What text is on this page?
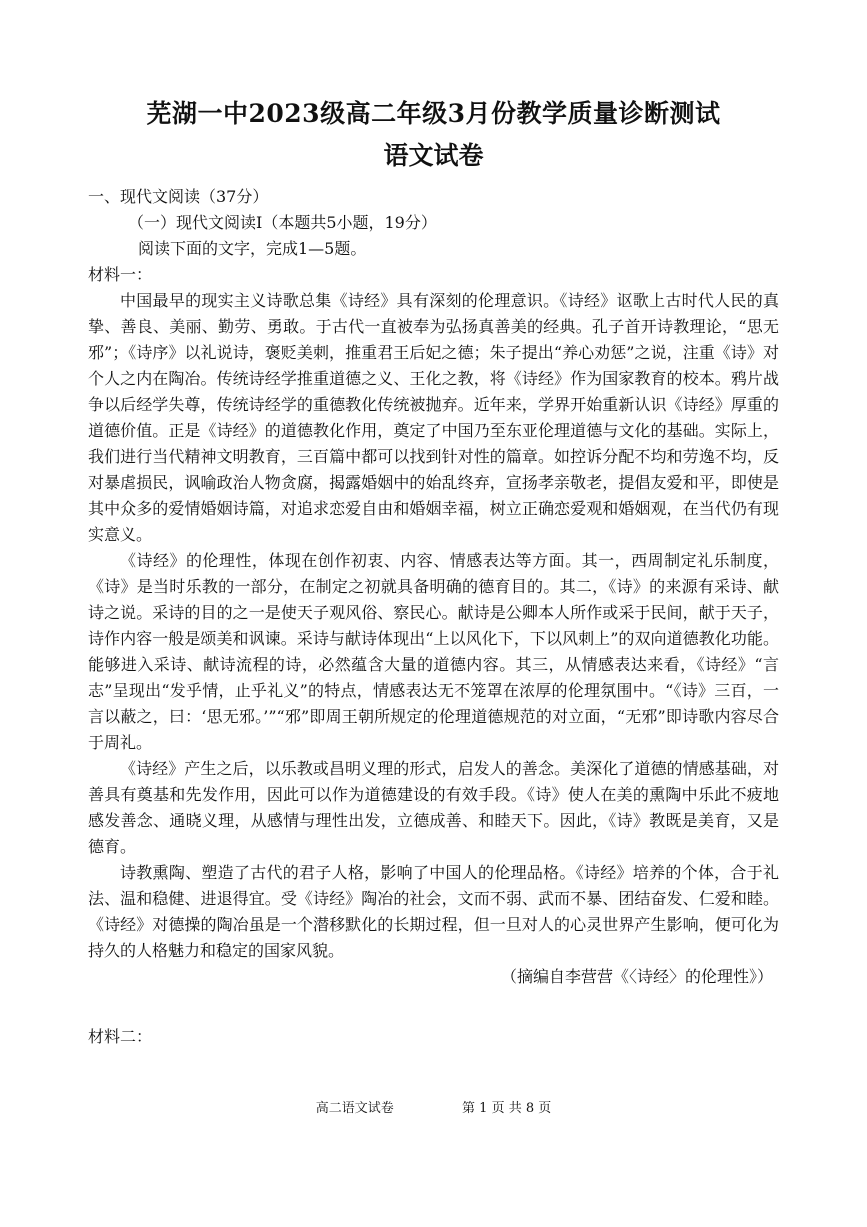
芜湖一中2023级高二年级3月份教学质量诊断测试
语文试卷

一、现代文阅读（37分）

（一）现代文阅读Ⅰ（本题共5小题，19分）

阅读下面的文字，完成1—5题。

材料一：

中国最早的现实主义诗歌总集《诗经》具有深刻的伦理意识。《诗经》讴歌上古时代人民的真挚、善良、美丽、勤劳、勇敢。于古代一直被奉为弘扬真善美的经典。孔子首开诗教理论，“思无邪”；《诗序》以礼说诗，褒贬美刺，推重君王后妃之德；朱子提出“养心劝惩”之说，注重《诗》对个人之内在陶冶。传统诗经学推重道德之义、王化之教，将《诗经》作为国家教育的校本。鸦片战争以后经学失尊，传统诗经学的重德教化传统被抛弃。近年来，学界开始重新认识《诗经》厚重的道德价值。正是《诗经》的道德教化作用，奠定了中国乃至东亚伦理道德与文化的基础。实际上，我们进行当代精神文明教育，三百篇中都可以找到针对性的篇章。如控诉分配不均和劳逸不均，反对暴虐损民，讽喻政治人物贪腐，揭露婚姻中的始乱终弃，宣扬孝亲敬老，提倡友爱和平，即使是其中众多的爱情婚姻诗篇，对追求恋爱自由和婚姻幸福，树立正确恋爱观和婚姻观，在当代仍有现实意义。

《诗经》的伦理性，体现在创作初衷、内容、情感表达等方面。其一，西周制定礼乐制度，《诗》是当时乐教的一部分，在制定之初就具备明确的德育目的。其二，《诗》的来源有采诗、献诗之说。采诗的目的之一是使天子观风俗、察民心。献诗是公卿本人所作或采于民间，献于天子，诗作内容一般是颂美和讽谏。采诗与献诗体现出“上以风化下，下以风刺上”的双向道德教化功能。能够进入采诗、献诗流程的诗，必然蕴含大量的道德内容。其三，从情感表达来看，《诗经》“言志”呈现出“发乎情，止乎礼义”的特点，情感表达无不笼罩在浓厚的伦理氛围中。“《诗》三百，一言以蔽之，曰：‘思无邪。’”“邪”即周王朝所规定的伦理道德规范的对立面，“无邪”即诗歌内容尽合于周礼。

《诗经》产生之后，以乐教或昌明义理的形式，启发人的善念。美深化了道德的情感基础，对善具有奠基和先发作用，因此可以作为道德建设的有效手段。《诗》使人在美的熏陶中乐此不疲地感发善念、通晓义理，从感情与理性出发，立德成善、和睦天下。因此，《诗》教既是美育，又是德育。

诗教熏陶、塑造了古代的君子人格，影响了中国人的伦理品格。《诗经》培养的个体，合于礼法、温和稳健、进退得宜。受《诗经》陶冶的社会，文而不弱、武而不暴、团结奋发、仁爱和睦。《诗经》对德操的陶冶虽是一个潜移默化的长期过程，但一旦对人的心灵世界产生影响，便可化为持久的人格魅力和稳定的国家风貌。

（摘编自李营营《〈诗经〉的伦理性》）

材料二：

高二语文试卷	第 1 页 共 8 页
